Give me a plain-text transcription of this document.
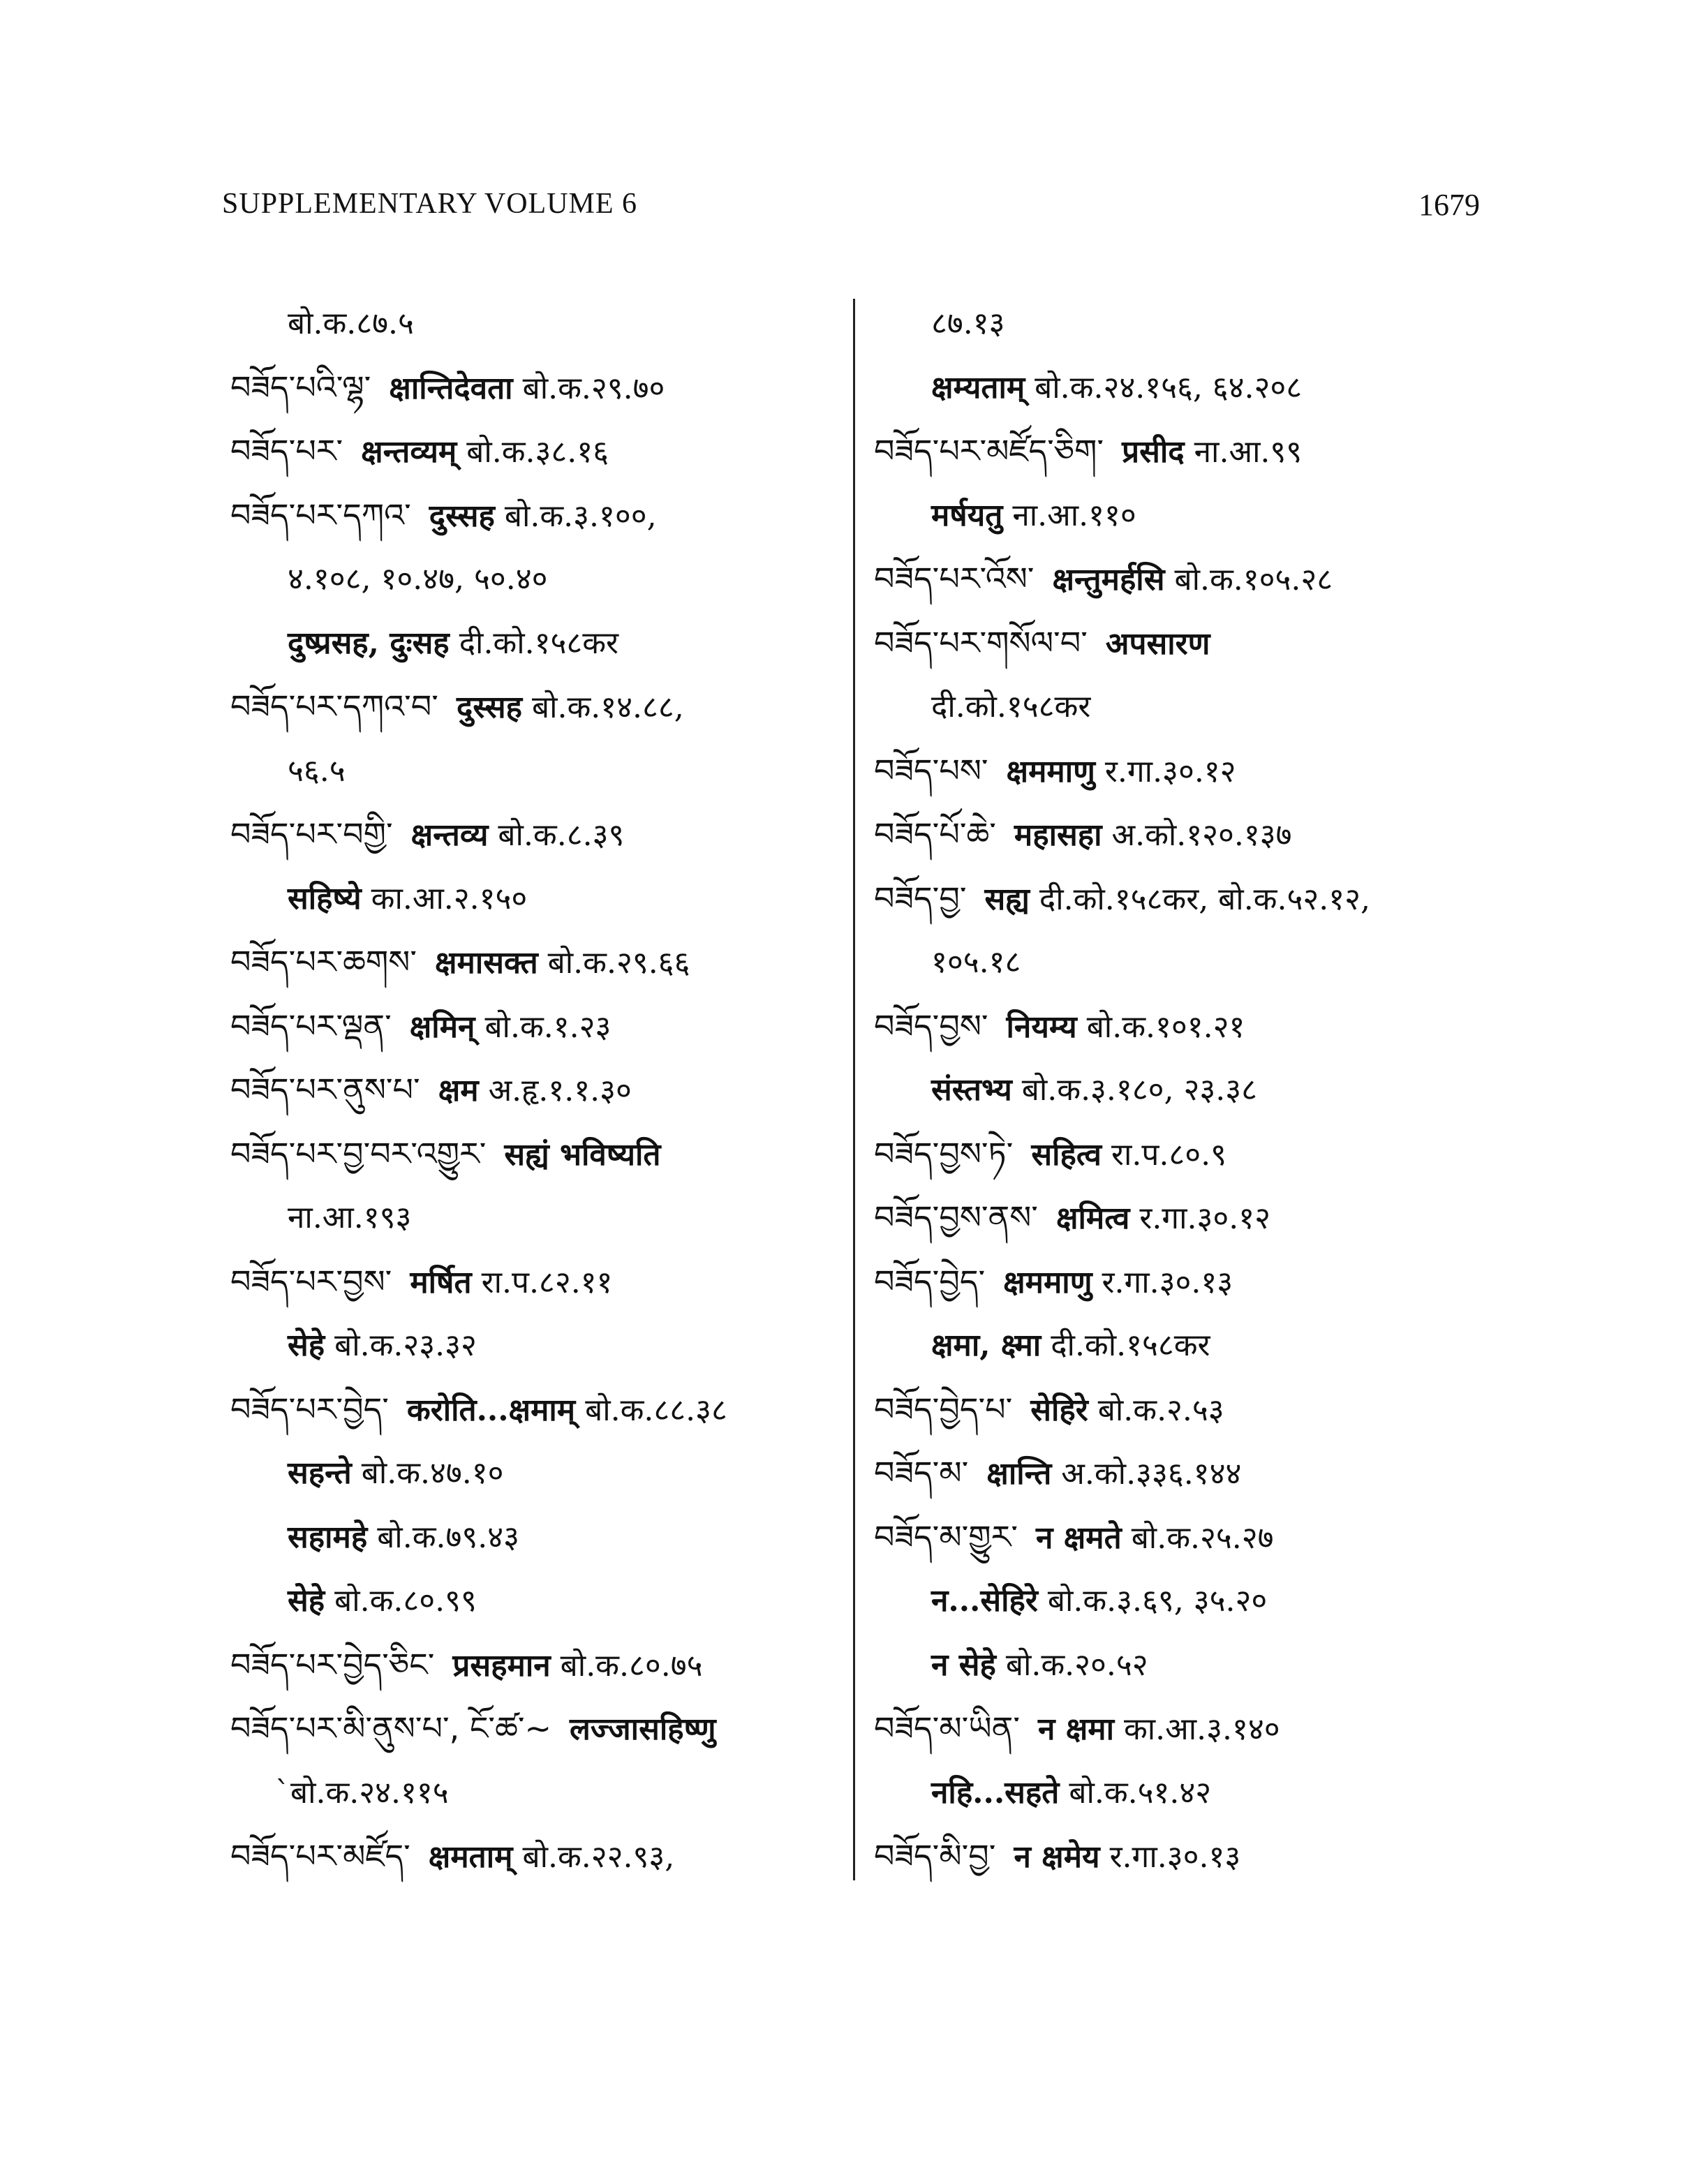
SUPPLEMENTARY VOLUME 6	1679
बो.क.८७.५
བཟོད་པའི་ལྷ་ क्षान्तिदेवता बो.क.२९.७०
བཟོད་པར་ क्षन्तव्यम् बो.क.३८.१६
བཟོད་པར་དཀའ་ दुस्सह बो.क.३.१००,
४.१०८, १०.४७, ५०.४०
दुष्प्रसह, दुःसह दी.को.१५८कर
བཟོད་པར་དཀའ་བ་ दुस्सह बो.क.१४.८८,
५६.५
བཟོད་པར་བགྱི་ क्षन्तव्य बो.क.८.३९
सहिष्ये का.आ.२.१५०
བཟོད་པར་ཆགས་ क्षमासक्त बो.क.२९.६६
བཟོད་པར་ལྡན་ क्षमिन् बो.क.१.२३
བཟོད་པར་ནུས་པ་ क्षम अ.हृ.१.१.३०
བཟོད་པར་བྱ་བར་འགྱུར་ सह्यं भविष्यति
ना.आ.१९३
བཟོད་པར་བྱས་ मर्षित रा.प.८२.११
सेहे बो.क.२३.३२
བཟོད་པར་བྱེད་ करोति...क्षमाम् बो.क.८८.३८
सहन्ते बो.क.४७.१०
सहामहे बो.क.७९.४३
सेहे बो.क.८०.९९
བཟོད་པར་བྱེད་ཅིང་ प्रसहमान बो.क.८०.७५
བཟོད་པར་མི་ནུས་པ་, ངོ་ཚ་~ लज्जासहिष्णु
`बो.क.२४.११५
བཟོད་པར་མཛོད་ क्षमताम् बो.क.२२.९३,
८७.१३
क्षम्यताम् बो.क.२४.१५६, ६४.२०८
བཟོད་པར་མཛོད་ཅིག་ प्रसीद ना.आ.९९
मर्षयतु ना.आ.११०
བཟོད་པར་འོས་ क्षन्तुमर्हसि बो.क.१०५.२८
བཟོད་པར་གསོལ་བ་ अपसारण
दी.को.१५८कर
བཟོད་པས་ क्षममाणु र.गा.३०.१२
བཟོད་པོ་ཆེ་ महासहा अ.को.१२०.१३७
བཟོད་བྱ་ सह्य दी.को.१५८कर, बो.क.५२.१२,
१०५.१८
བཟོད་བྱས་ नियम्य बो.क.१०१.२१
संस्तभ्य बो.क.३.१८०, २३.३८
བཟོད་བྱས་ཏེ་ सहित्व रा.प.८०.९
བཟོད་བྱས་ནས་ क्षमित्व र.गा.३०.१२
བཟོད་བྱེད་ क्षममाणु र.गा.३०.१३
क्षमा, क्ष्मा दी.को.१५८कर
བཟོད་བྱེད་པ་ सेहिरे बो.क.२.५३
བཟོད་མ་ क्षान्ति अ.को.३३६.१४४
བཟོད་མ་གྱུར་ न क्षमते बो.क.२५.२७
न...सेहिरे बो.क.३.६९, ३५.२०
न सेहे बो.क.२०.५२
བཟོད་མ་ཡིན་ न क्षमा का.आ.३.१४०
नहि...सहते बो.क.५१.४२
བཟོད་མི་བྱ་ न क्षमेय र.गा.३०.१३
